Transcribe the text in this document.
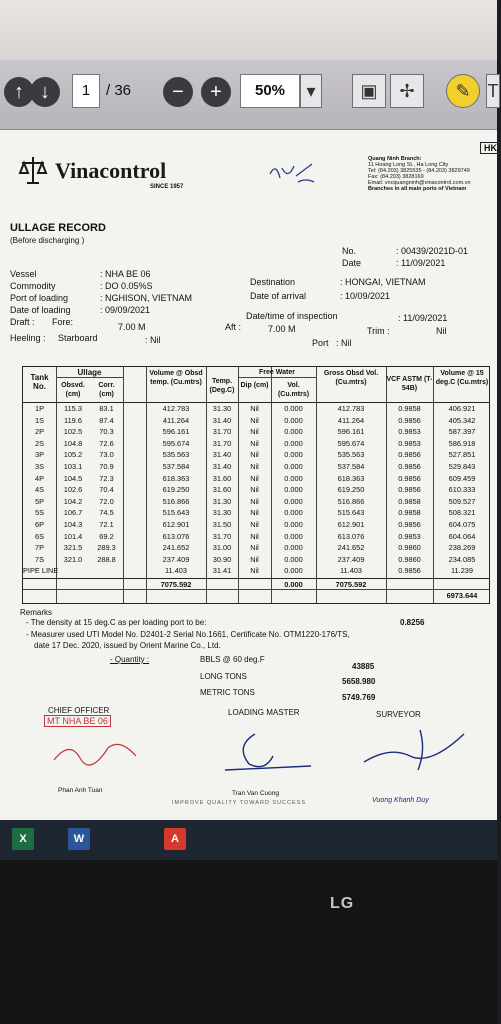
↑ ↓	1	/ 36	−	+	50%	▾	▣	✢	✎ T
HK
Vinacontrol
SINCE 1957
Quang Ninh Branch:
11 Hoang Long St., Ha Long City
Tel: (84.203) 3825535 - (84.203) 3829749
Fax: (84.203) 3828169
Email: vncquangninh@vinacontrol.com.vn
Branches in all main ports of Vietnam
ULLAGE RECORD
(Before discharging )
No.	: 00439/2021D-01
Date	: 11/09/2021
Vessel	: NHA BE 06
Commodity	: DO 0.05%S
Port of loading	: NGHISON, VIETNAM
Date of loading	: 09/09/2021
Destination	: HONGAI, VIETNAM
Date of arrival	: 10/09/2021
Draft : Fore:	7.00 M	Aft :	7.00 M
Date/time of inspection	: 11/09/2021
Trim :	Nil
Heeling : Starboard	: Nil	Port : Nil
Tank No.
Ullage
Obsvd. (cm)
Corr. (cm)
Volume @ Obsd temp. (Cu.mtrs)	Temp. (Deg.C)
Free Water
Dip (cm)	Vol. (Cu.mtrs)
Gross Obsd Vol. (Cu.mtrs)	VCF ASTM (T-54B)
Volume @ 15 deg.C (Cu.mtrs)
1P	115.3	83.1	412.783	31.30	Nil	0.000	412.783	0.9858	406.921
1S	119.6	87.4	411.264	31.40	Nil	0.000	411.264	0.9856	405.342
2P	102.5	70.3	596.161	31.70	Nil	0.000	596.161	0.9853	587.397
2S	104.8	72.6	595.674	31.70	Nil	0.000	595.674	0.9853	586.918
3P	105.2	73.0	535.563	31.40	Nil	0.000	535.563	0.9856	527.851
3S	103.1	70.9	537.584	31.40	Nil	0.000	537.584	0.9856	529.843
4P	104.5	72.3	618.363	31.60	Nil	0.000	618.363	0.9856	609.459
4S	102.6	70.4	619.250	31.60	Nil	0.000	619.250	0.9856	610.333
5P	104.2	72.0	516.866	31.30	Nil	0.000	516.866	0.9858	509.527
5S	106.7	74.5	515.643	31.30	Nil	0.000	515.643	0.9858	508.321
6P	104.3	72.1	612.901	31.50	Nil	0.000	612.901	0.9856	604.075
6S	101.4	69.2	613.076	31.70	Nil	0.000	613.076	0.9853	604.064
7P	321.5	289.3	241.652	31.00	Nil	0.000	241.652	0.9860	238.269
7S	321.0	288.8	237.409	30.90	Nil	0.000	237.409	0.9860	234.085
PIPE LINE	11.403	31.41	Nil	0.000	11.403	0.9856	11.239
7075.592	0.000	7075.592
6973.644
Remarks
- The density at 15 deg.C as per loading port to be:	0.8256
- Measurer used UTI Model No. D2401-2 Serial No.1661, Certificate No. OTM1220-176/TS,
date 17 Dec. 2020, issued by Orient Marine Co., Ltd.
- Quantity :	BBLS @ 60 deg.F
43885
LONG TONS
5658.980
METRIC TONS
5749.769
CHIEF OFFICER
MT NHA BE 06
LOADING MASTER	SURVEYOR
Phan Anh Tuan	Tran Van Cuong
Vuong Khanh Duy
IMPROVE QUALITY TOWARD SUCCESS
X	W	A
LG
